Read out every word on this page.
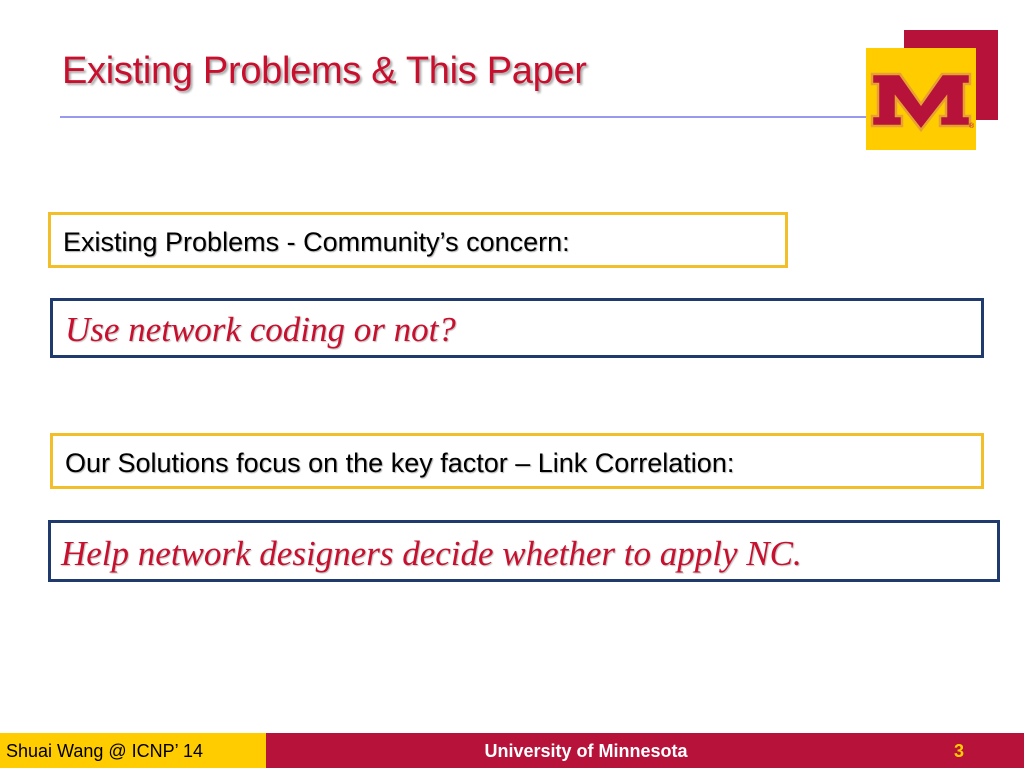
Existing Problems & This Paper
®
Existing Problems - Community’s concern:
Use network coding or not?
Our Solutions focus on the key factor – Link Correlation:
Help network designers decide whether to apply NC.
Shuai Wang @ ICNP’ 14	University of Minnesota	3
